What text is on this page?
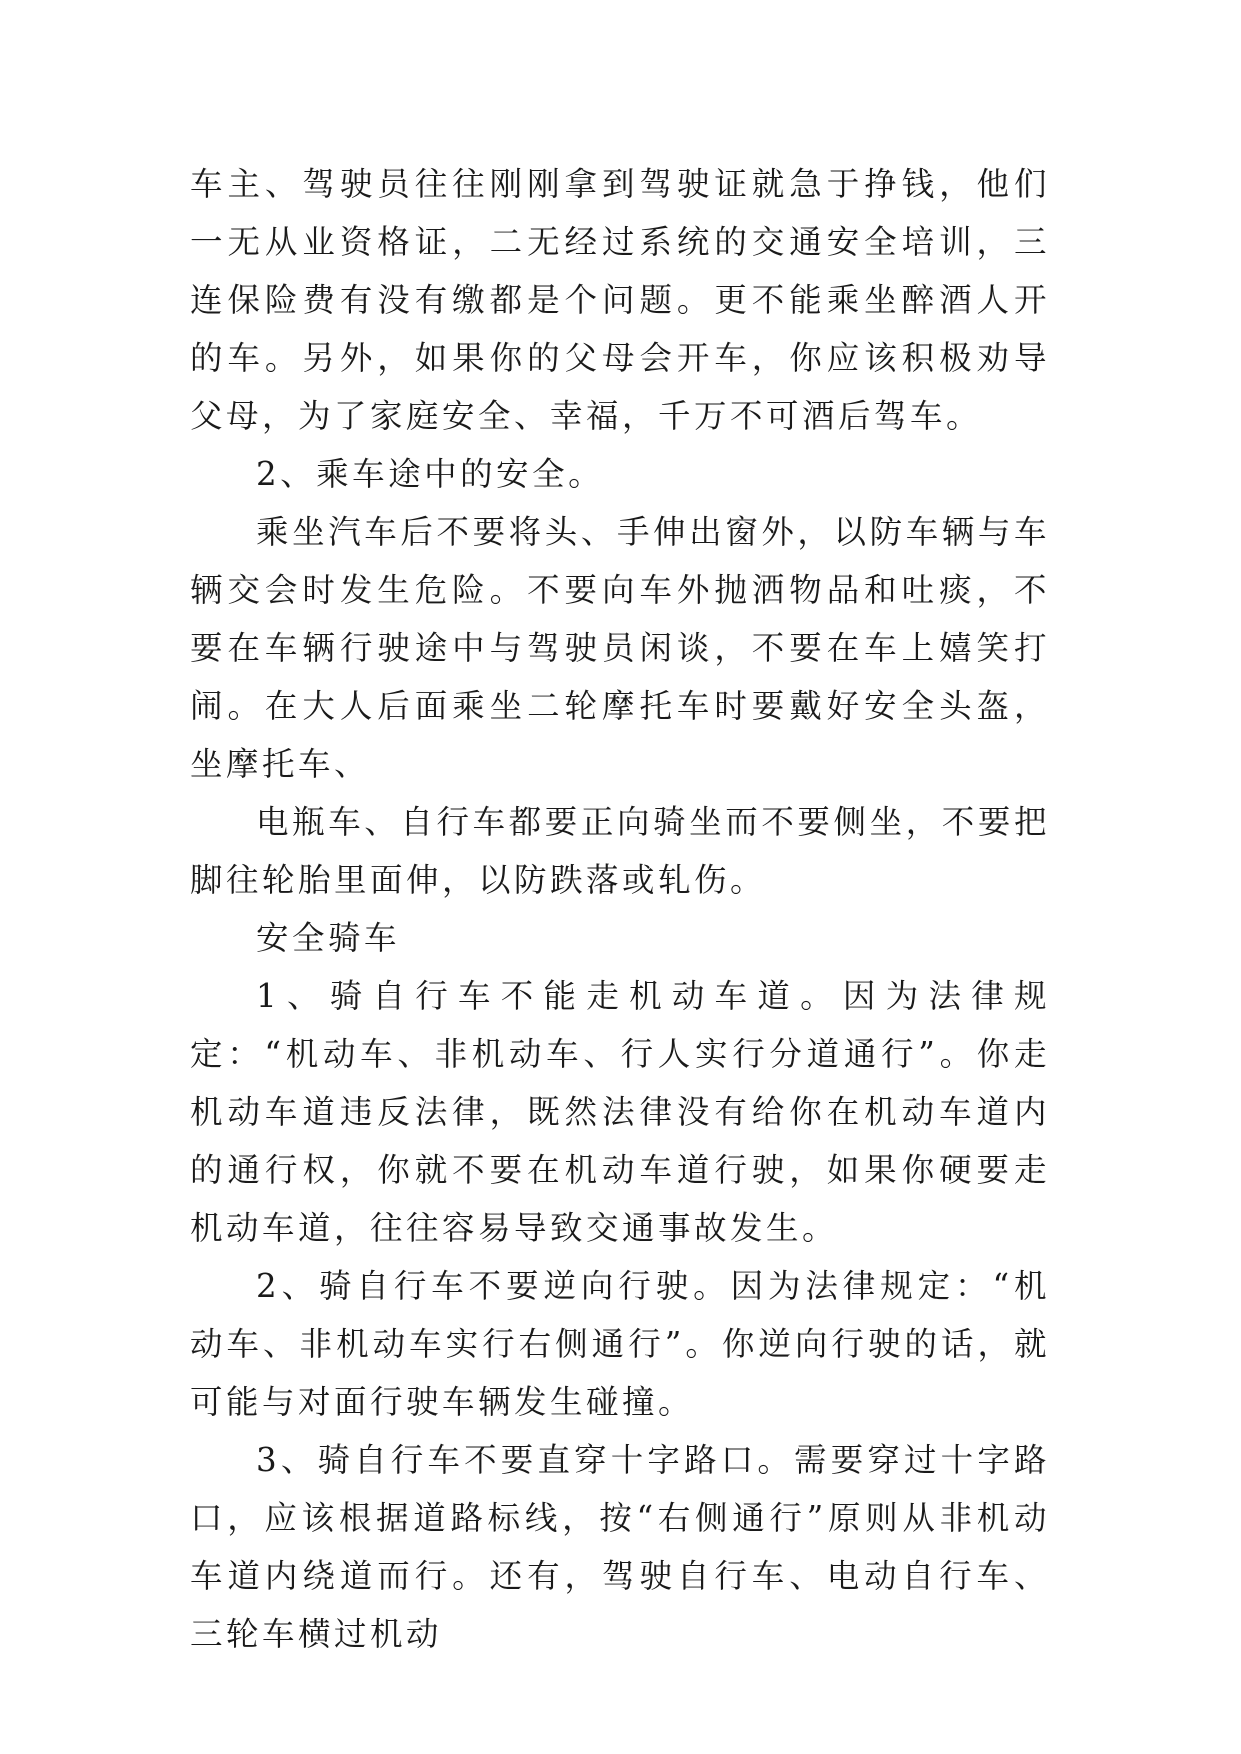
车主、驾驶员往往刚刚拿到驾驶证就急于挣钱，他们一无从业资格证，二无经过系统的交通安全培训，三连保险费有没有缴都是个问题。更不能乘坐醉酒人开的车。另外，如果你的父母会开车，你应该积极劝导父母，为了家庭安全、幸福，千万不可酒后驾车。

2、乘车途中的安全。

乘坐汽车后不要将头、手伸出窗外，以防车辆与车辆交会时发生危险。不要向车外抛洒物品和吐痰，不要在车辆行驶途中与驾驶员闲谈，不要在车上嬉笑打闹。在大人后面乘坐二轮摩托车时要戴好安全头盔，坐摩托车、

电瓶车、自行车都要正向骑坐而不要侧坐，不要把脚往轮胎里面伸，以防跌落或轧伤。

安全骑车

1、骑自行车不能走机动车道。因为法律规定：“机动车、非机动车、行人实行分道通行”。你走机动车道违反法律，既然法律没有给你在机动车道内的通行权，你就不要在机动车道行驶，如果你硬要走机动车道，往往容易导致交通事故发生。

2、骑自行车不要逆向行驶。因为法律规定：“机动车、非机动车实行右侧通行”。你逆向行驶的话，就可能与对面行驶车辆发生碰撞。

3、骑自行车不要直穿十字路口。需要穿过十字路口，应该根据道路标线，按“右侧通行”原则从非机动车道内绕道而行。还有，驾驶自行车、电动自行车、三轮车横过机动
